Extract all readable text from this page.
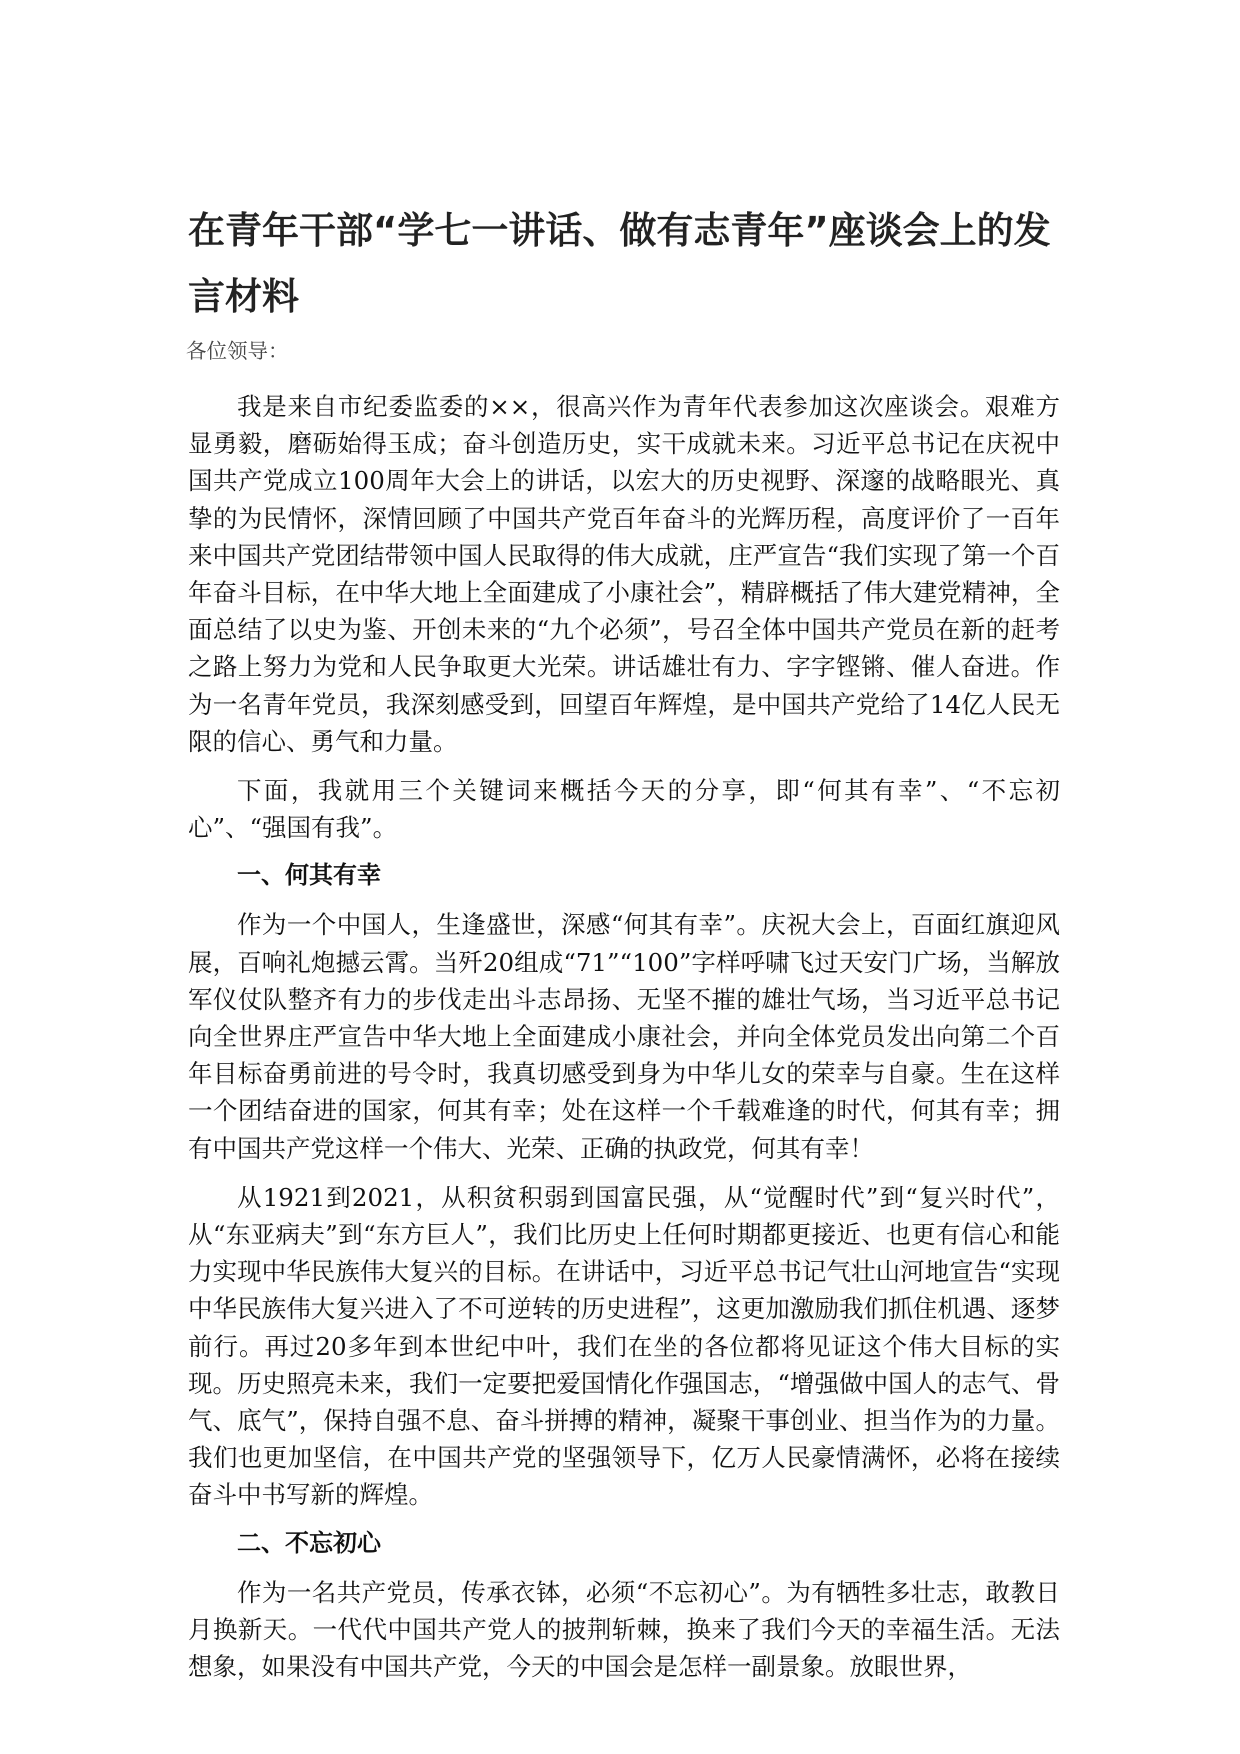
在青年干部“学七一讲话、做有志青年”座谈会上的发言材料
各位领导：

我是来自市纪委监委的××，很高兴作为青年代表参加这次座谈会。艰难方显勇毅，磨砺始得玉成；奋斗创造历史，实干成就未来。习近平总书记在庆祝中国共产党成立100周年大会上的讲话，以宏大的历史视野、深邃的战略眼光、真挚的为民情怀，深情回顾了中国共产党百年奋斗的光辉历程，高度评价了一百年来中国共产党团结带领中国人民取得的伟大成就，庄严宣告“我们实现了第一个百年奋斗目标，在中华大地上全面建成了小康社会”，精辟概括了伟大建党精神，全面总结了以史为鉴、开创未来的“九个必须”，号召全体中国共产党员在新的赶考之路上努力为党和人民争取更大光荣。讲话雄壮有力、字字铿锵、催人奋进。作为一名青年党员，我深刻感受到，回望百年辉煌，是中国共产党给了14亿人民无限的信心、勇气和力量。

下面，我就用三个关键词来概括今天的分享，即“何其有幸”、“不忘初心”、“强国有我”。

一、何其有幸

作为一个中国人，生逢盛世，深感“何其有幸”。庆祝大会上，百面红旗迎风展，百响礼炮撼云霄。当歼20组成“71”“100”字样呼啸飞过天安门广场，当解放军仪仗队整齐有力的步伐走出斗志昂扬、无坚不摧的雄壮气场，当习近平总书记向全世界庄严宣告中华大地上全面建成小康社会，并向全体党员发出向第二个百年目标奋勇前进的号令时，我真切感受到身为中华儿女的荣幸与自豪。生在这样一个团结奋进的国家，何其有幸；处在这样一个千载难逢的时代，何其有幸；拥有中国共产党这样一个伟大、光荣、正确的执政党，何其有幸！

从1921到2021，从积贫积弱到国富民强，从“觉醒时代”到“复兴时代”，从“东亚病夫”到“东方巨人”，我们比历史上任何时期都更接近、也更有信心和能力实现中华民族伟大复兴的目标。在讲话中，习近平总书记气壮山河地宣告“实现中华民族伟大复兴进入了不可逆转的历史进程”，这更加激励我们抓住机遇、逐梦前行。再过20多年到本世纪中叶，我们在坐的各位都将见证这个伟大目标的实现。历史照亮未来，我们一定要把爱国情化作强国志，“增强做中国人的志气、骨气、底气”，保持自强不息、奋斗拼搏的精神，凝聚干事创业、担当作为的力量。我们也更加坚信，在中国共产党的坚强领导下，亿万人民豪情满怀，必将在接续奋斗中书写新的辉煌。

二、不忘初心

作为一名共产党员，传承衣钵，必须“不忘初心”。为有牺牲多壮志，敢教日月换新天。一代代中国共产党人的披荆斩棘，换来了我们今天的幸福生活。无法想象，如果没有中国共产党，今天的中国会是怎样一副景象。放眼世界，
